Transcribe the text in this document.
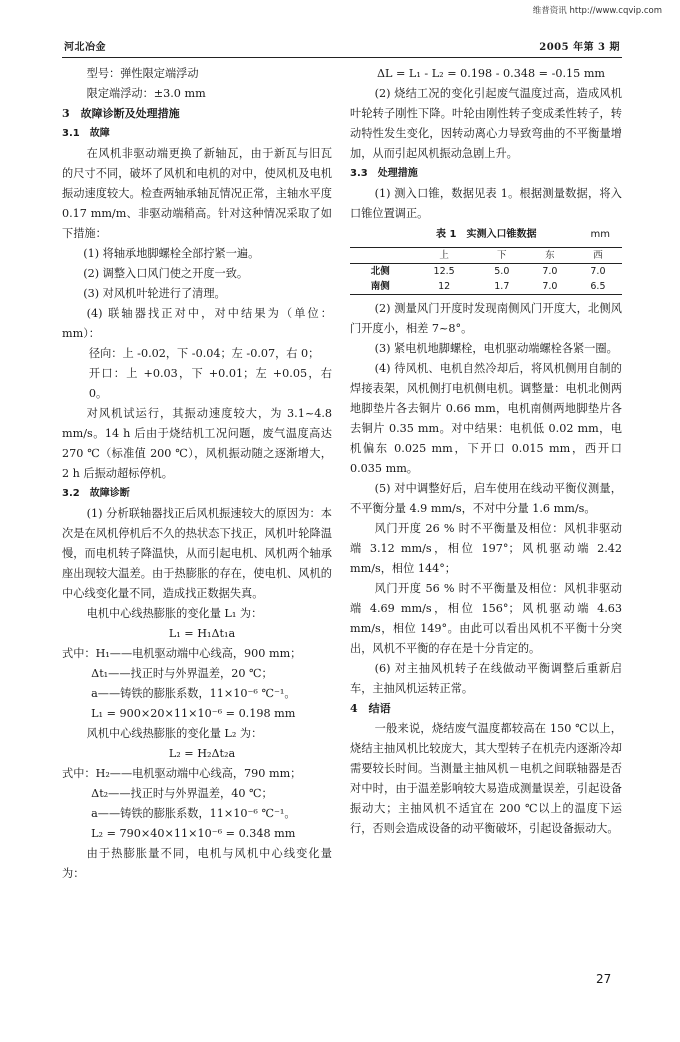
维普资讯 http://www.cqvip.com
河北冶金	2005 年第 3 期

型号：弹性限定端浮动

限定端浮动：±3.0 mm

3　故障诊断及处理措施

3.1　故障

在风机非驱动端更换了新轴瓦，由于新瓦与旧瓦的尺寸不同，破坏了风机和电机的对中，使风机及电机振动速度较大。检查两轴承轴瓦情况正常，主轴水平度 0.17 mm/m、非驱动端稍高。针对这种情况采取了如下措施：

(1) 将轴承地脚螺栓全部拧紧一遍。

(2) 调整入口风门使之开度一致。

(3) 对风机叶轮进行了清理。

(4) 联轴器找正对中，对中结果为（单位：mm）：

径向：上 -0.02，下 -0.04；左 -0.07，右 0；

开口：上 +0.03，下 +0.01；左 +0.05，右 0。

对风机试运行，其振动速度较大，为 3.1~4.8 mm/s。14 h 后由于烧结机工况问题，废气温度高达 270 ℃（标准值 200 ℃），风机振动随之逐渐增大，2 h 后振动超标停机。

3.2　故障诊断

(1) 分析联轴器找正后风机振速较大的原因为：本次是在风机停机后不久的热状态下找正，风机叶轮降温慢，而电机转子降温快，从而引起电机、风机两个轴承座出现较大温差。由于热膨胀的存在，使电机、风机的中心线变化量不同，造成找正数据失真。

电机中心线热膨胀的变化量 L₁ 为：

L₁ = H₁Δt₁a

式中：H₁——电机驱动端中心线高，900 mm；

Δt₁——找正时与外界温差，20 ℃；

a——铸铁的膨胀系数，11×10⁻⁶ ℃⁻¹。

L₁ = 900×20×11×10⁻⁶ = 0.198 mm

风机中心线热膨胀的变化量 L₂ 为：

L₂ = H₂Δt₂a

式中：H₂——电机驱动端中心线高，790 mm；

Δt₂——找正时与外界温差，40 ℃；

a——铸铁的膨胀系数，11×10⁻⁶ ℃⁻¹。

L₂ = 790×40×11×10⁻⁶ = 0.348 mm

由于热膨胀量不同，电机与风机中心线变化量为：

ΔL = L₁ - L₂ = 0.198 - 0.348 = -0.15 mm

(2) 烧结工况的变化引起废气温度过高，造成风机叶轮转子刚性下降。叶轮由刚性转子变成柔性转子，转动特性发生变化，因转动离心力导致弯曲的不平衡量增加，从而引起风机振动急剧上升。

3.3　处理措施

(1) 测入口锥，数据见表 1。根据测量数据，将入口锥位置调正。

表 1　实测入口锥数据	mm
	上	下	东	西
北侧	12.5	5.0	7.0	7.0
南侧	12	1.7	7.0	6.5

(2) 测量风门开度时发现南侧风门开度大，北侧风门开度小，相差 7~8°。

(3) 紧电机地脚螺栓，电机驱动端螺栓各紧一圈。

(4) 待风机、电机自然冷却后，将风机侧用自制的焊接表架，风机侧打电机侧电机。调整量：电机北侧两地脚垫片各去铜片 0.66 mm，电机南侧两地脚垫片各去铜片 0.35 mm。对中结果：电机低 0.02 mm，电机偏东 0.025 mm，下开口 0.015 mm，西开口 0.035 mm。

(5) 对中调整好后，启车使用在线动平衡仪测量，不平衡分量 4.9 mm/s，不对中分量 1.6 mm/s。

风门开度 26 % 时不平衡量及相位：风机非驱动端 3.12 mm/s，相位 197°；风机驱动端 2.42 mm/s，相位 144°；

风门开度 56 % 时不平衡量及相位：风机非驱动端 4.69 mm/s，相位 156°；风机驱动端 4.63 mm/s，相位 149°。由此可以看出风机不平衡十分突出，风机不平衡的存在是十分肯定的。

(6) 对主抽风机转子在线做动平衡调整后重新启车，主抽风机运转正常。

4　结语

一般来说，烧结废气温度都较高在 150 ℃以上，烧结主抽风机比较庞大，其大型转子在机壳内逐渐冷却需要较长时间。当测量主抽风机－电机之间联轴器是否对中时，由于温差影响较大易造成测量误差，引起设备振动大；主抽风机不适宜在 200 ℃以上的温度下运行，否则会造成设备的动平衡破坏，引起设备振动大。

27
